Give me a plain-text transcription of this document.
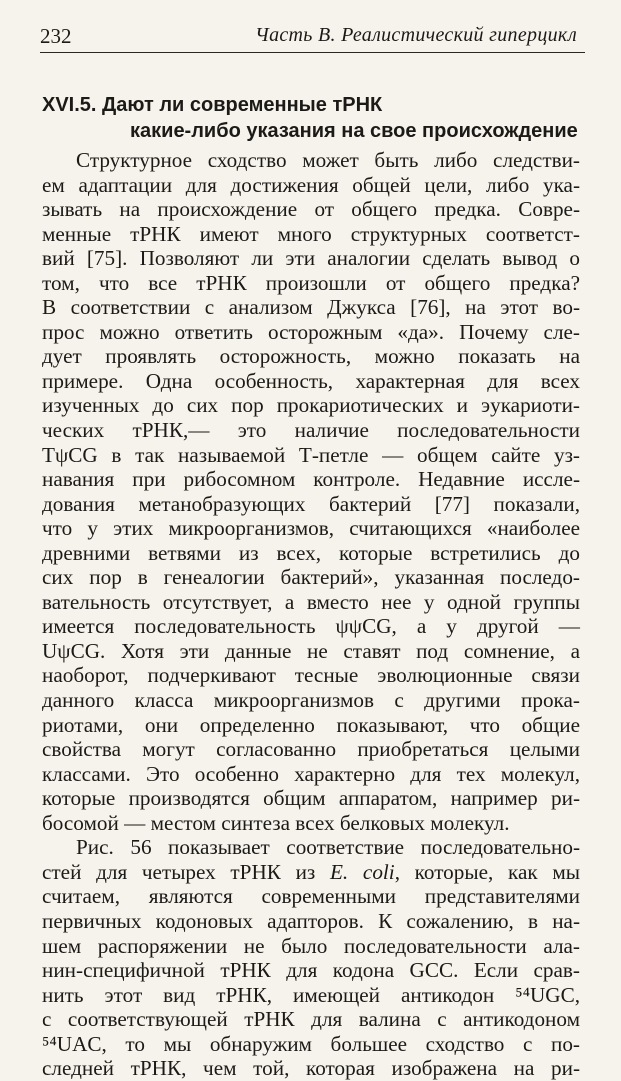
232	Часть В. Реалистический гиперцикл
XVI.5. Дают ли современные тРНК
какие-либо указания на свое происхождение
Структурное сходство может быть либо следстви-
ем адаптации для достижения общей цели, либо ука-
зывать на происхождение от общего предка. Совре-
менные тРНК имеют много структурных соответст-
вий [75]. Позволяют ли эти аналогии сделать вывод о
том, что все тРНК произошли от общего предка?
В соответствии с анализом Джукса [76], на этот во-
прос можно ответить осторожным «да». Почему сле-
дует проявлять осторожность, можно показать на
примере. Одна особенность, характерная для всех
изученных до сих пор прокариотических и эукариоти-
ческих тРНК,— это наличие последовательности
TψCG в так называемой Т-петле — общем сайте уз-
навания при рибосомном контроле. Недавние иссле-
дования метанобразующих бактерий [77] показали,
что у этих микроорганизмов, считающихся «наиболее
древними ветвями из всех, которые встретились до
сих пор в генеалогии бактерий», указанная последо-
вательность отсутствует, а вместо нее у одной группы
имеется последовательность ψψCG, а у другой —
UψCG. Хотя эти данные не ставят под сомнение, а
наоборот, подчеркивают тесные эволюционные связи
данного класса микроорганизмов с другими прока-
риотами, они определенно показывают, что общие
свойства могут согласованно приобретаться целыми
классами. Это особенно характерно для тех молекул,
которые производятся общим аппаратом, например ри-
босомой — местом синтеза всех белковых молекул.
Рис. 56 показывает соответствие последовательно-
стей для четырех тРНК из E. coli, которые, как мы
считаем, являются современными представителями
первичных кодоновых адапторов. К сожалению, в на-
шем распоряжении не было последовательности ала-
нин-специфичной тРНК для кодона GCC. Если срав-
нить этот вид тРНК, имеющей антикодон ⁵⁴UGC,
с соответствующей тРНК для валина с антикодоном
⁵⁴UAC, то мы обнаружим большее сходство с по-
следней тРНК, чем той, которая изображена на ри-
